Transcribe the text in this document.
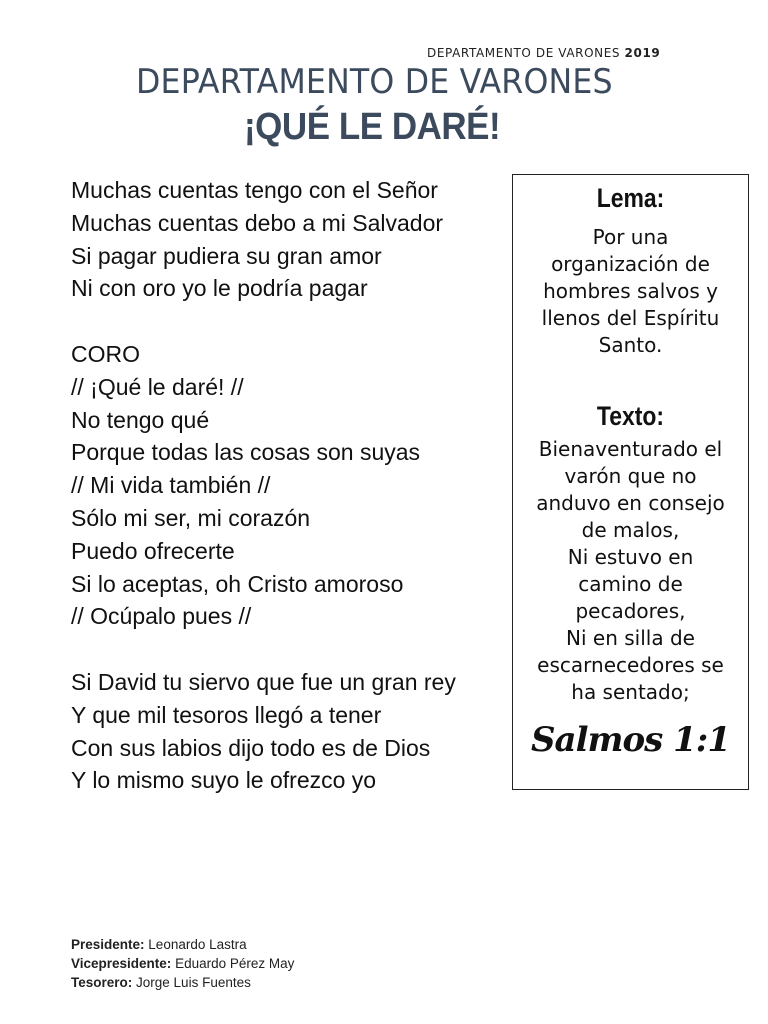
DEPARTAMENTO DE VARONES 2019
DEPARTAMENTO DE VARONES
¡QUÉ LE DARÉ!
Muchas cuentas tengo con el Señor
Muchas cuentas debo a mi Salvador
Si pagar pudiera su gran amor
Ni con oro yo le podría pagar
CORO
// ¡Qué le daré! //
No tengo qué
Porque todas las cosas son suyas
// Mi vida también //
Sólo mi ser, mi corazón
Puedo ofrecerte
Si lo aceptas, oh Cristo amoroso
// Ocúpalo pues //
Si David tu siervo que fue un gran rey
Y que mil tesoros llegó a tener
Con sus labios dijo todo es de Dios
Y lo mismo suyo le ofrezco yo
Lema:
Por una
organización de
hombres salvos y
llenos del Espíritu
Santo.
Texto:
Bienaventurado el
varón que no
anduvo en consejo
de malos,
Ni estuvo en
camino de
pecadores,
Ni en silla de
escarnecedores se
ha sentado;
Salmos 1:1
Presidente: Leonardo Lastra
Vicepresidente: Eduardo Pérez May
Tesorero: Jorge Luis Fuentes
